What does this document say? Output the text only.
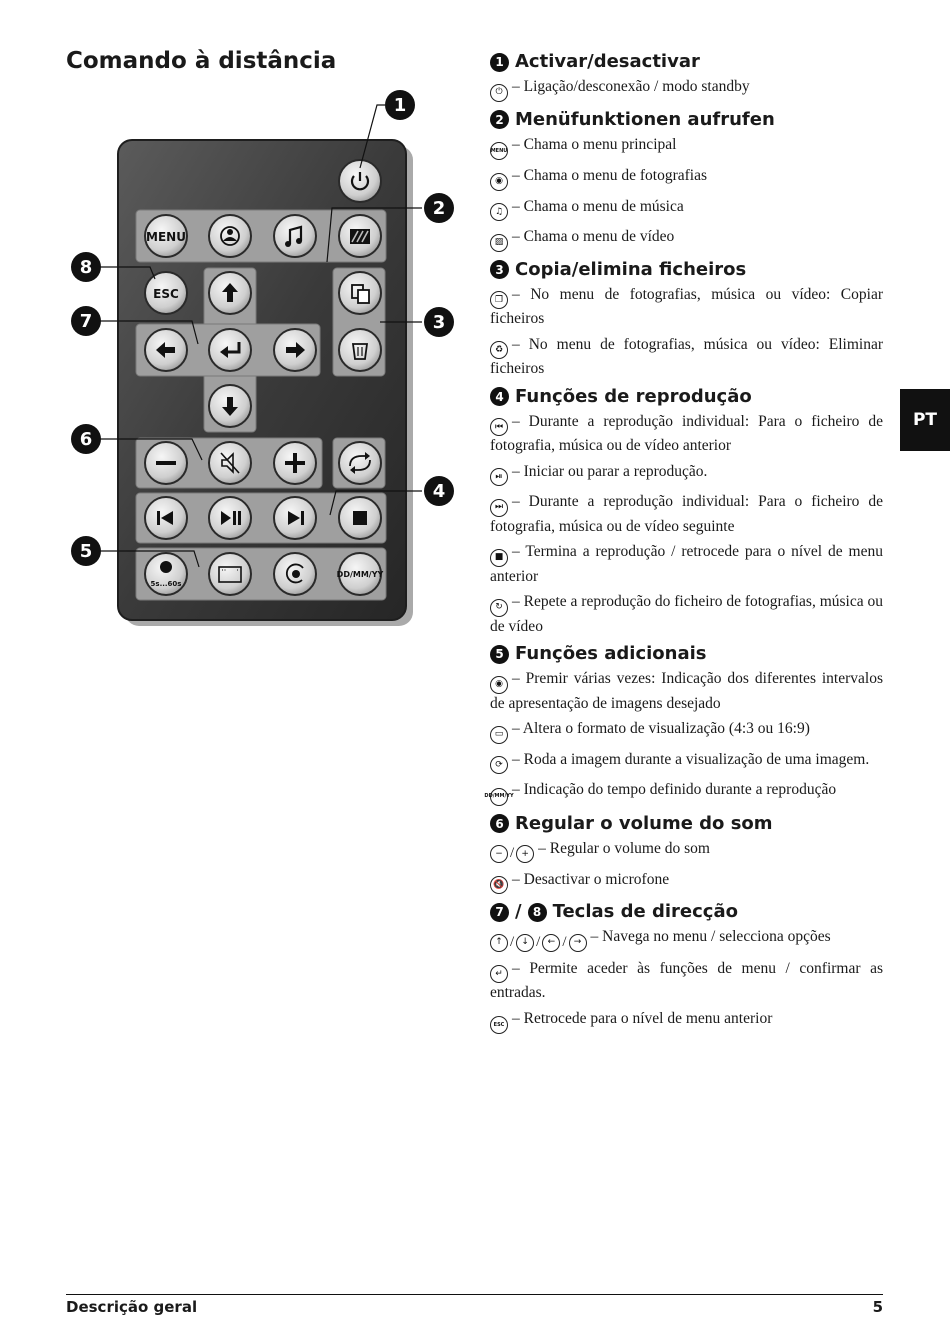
Comando à distância
MENU
ESC
5s...60s
DD/MM/YY
1
2
3
4
5
6
7
8
1 Activar/desactivar

⏻ – Ligação/desconexão / modo standby

2 Menüfunktionen aufrufen

MENU – Chama o menu principal

◉ – Chama o menu de fotografias

♫ – Chama o menu de música

▨ – Chama o menu de vídeo

3 Copia/elimina ficheiros

❐ – No menu de fotografias, música ou vídeo: Copiar ficheiros

♻ – No menu de fotografias, música ou vídeo: Eliminar ficheiros

4 Funções de reprodução

⏮ – Durante a reprodução individual: Para o ficheiro de fotografia, música ou de vídeo anterior

⏯ – Iniciar ou parar a reprodução.

⏭ – Durante a reprodução individual: Para o ficheiro de fotografia, música ou de vídeo seguinte

■ – Termina a reprodução / retrocede para o nível de menu anterior

↻ – Repete a reprodução do ficheiro de fotografias, música ou de vídeo

5 Funções adicionais

◉ – Premir várias vezes: Indicação dos diferentes intervalos de apresentação de imagens desejado

▭ – Altera o formato de visualização (4:3 ou 16:9)

⟳ – Roda a imagem durante a visualização de uma imagem.

DD/MM/YY
– Indicação do tempo definido durante a reprodução

6 Regular o volume do som

− / + – Regular o volume do som

🔇 – Desactivar o microfone

7 / 8 Teclas de direcção

↑ / ↓ / ← / → – Navega no menu / selecciona opções

↵ – Permite aceder às funções de menu / confirmar as entradas.

ESC – Retrocede para o nível de menu anterior

PT
Descrição geral	5
